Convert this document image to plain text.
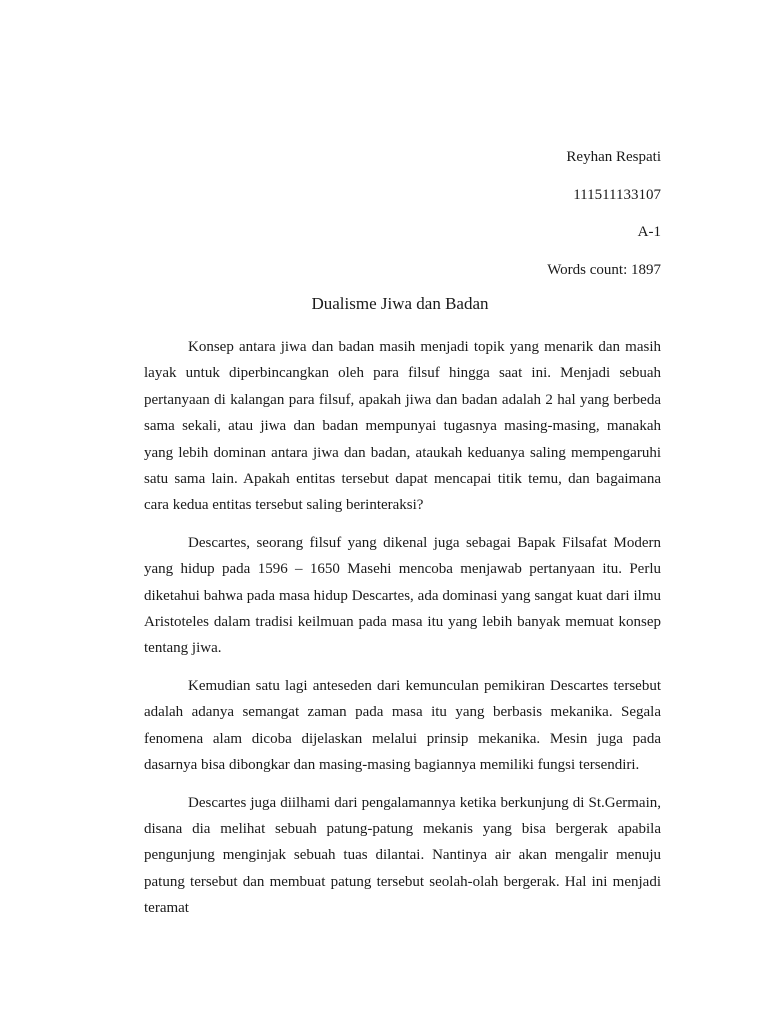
Reyhan Respati
111511133107
A-1
Words count: 1897
Dualisme Jiwa dan Badan

Konsep antara jiwa dan badan masih menjadi topik yang menarik dan masih layak untuk diperbincangkan oleh para filsuf hingga saat ini. Menjadi sebuah pertanyaan di kalangan para filsuf, apakah jiwa dan badan adalah 2 hal yang berbeda sama sekali, atau jiwa dan badan mempunyai tugasnya masing-masing, manakah yang lebih dominan antara jiwa dan badan, ataukah keduanya saling mempengaruhi satu sama lain. Apakah entitas tersebut dapat mencapai titik temu, dan bagaimana cara kedua entitas tersebut saling berinteraksi?

Descartes, seorang filsuf yang dikenal juga sebagai Bapak Filsafat Modern yang hidup pada 1596 – 1650 Masehi mencoba menjawab pertanyaan itu. Perlu diketahui bahwa pada masa hidup Descartes, ada dominasi yang sangat kuat dari ilmu Aristoteles dalam tradisi keilmuan pada masa itu yang lebih banyak memuat konsep tentang jiwa.

Kemudian satu lagi anteseden dari kemunculan pemikiran Descartes tersebut adalah adanya semangat zaman pada masa itu yang berbasis mekanika. Segala fenomena alam dicoba dijelaskan melalui prinsip mekanika. Mesin juga pada dasarnya bisa dibongkar dan masing-masing bagiannya memiliki fungsi tersendiri.

Descartes juga diilhami dari pengalamannya ketika berkunjung di St.Germain, disana dia melihat sebuah patung-patung mekanis yang bisa bergerak apabila pengunjung menginjak sebuah tuas dilantai. Nantinya air akan mengalir menuju patung tersebut dan membuat patung tersebut seolah-olah bergerak. Hal ini menjadi teramat
